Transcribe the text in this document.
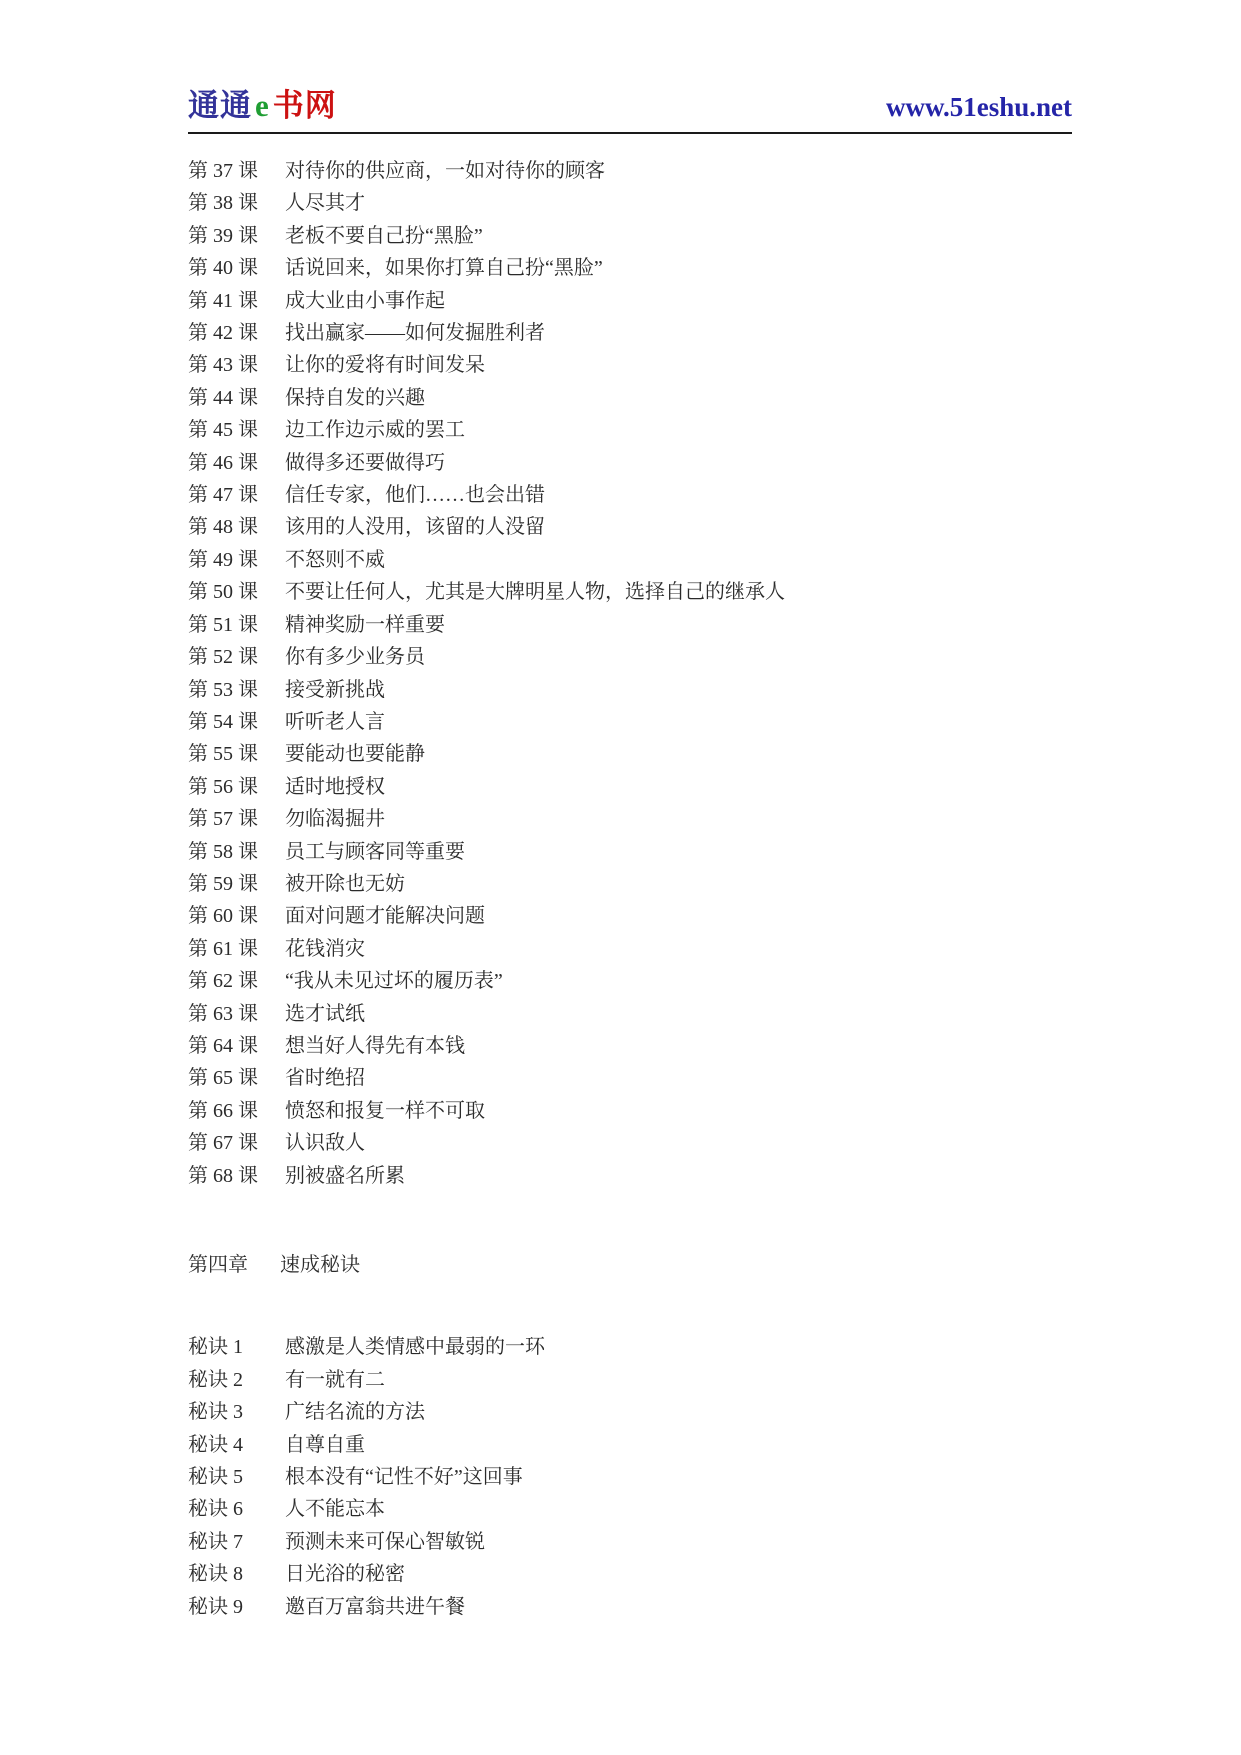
通通e书网	www.51eshu.net
第 37 课	对待你的供应商，一如对待你的顾客
第 38 课	人尽其才
第 39 课	老板不要自己扮“黑脸”
第 40 课	话说回来，如果你打算自己扮“黑脸”
第 41 课	成大业由小事作起
第 42 课	找出赢家——如何发掘胜利者
第 43 课	让你的爱将有时间发呆
第 44 课	保持自发的兴趣
第 45 课	边工作边示威的罢工
第 46 课	做得多还要做得巧
第 47 课	信任专家，他们……也会出错
第 48 课	该用的人没用，该留的人没留
第 49 课	不怒则不威
第 50 课	不要让任何人，尤其是大牌明星人物，选择自己的继承人
第 51 课	精神奖励一样重要
第 52 课	你有多少业务员
第 53 课	接受新挑战
第 54 课	听听老人言
第 55 课	要能动也要能静
第 56 课	适时地授权
第 57 课	勿临渴掘井
第 58 课	员工与顾客同等重要
第 59 课	被开除也无妨
第 60 课	面对问题才能解决问题
第 61 课	花钱消灾
第 62 课	“我从未见过坏的履历表”
第 63 课	选才试纸
第 64 课	想当好人得先有本钱
第 65 课	省时绝招
第 66 课	愤怒和报复一样不可取
第 67 课	认识敌人
第 68 课	别被盛名所累
第四章	速成秘诀
秘诀 1	感激是人类情感中最弱的一环
秘诀 2	有一就有二
秘诀 3	广结名流的方法
秘诀 4	自尊自重
秘诀 5	根本没有“记性不好”这回事
秘诀 6	人不能忘本
秘诀 7	预测未来可保心智敏锐
秘诀 8	日光浴的秘密
秘诀 9	邀百万富翁共进午餐
